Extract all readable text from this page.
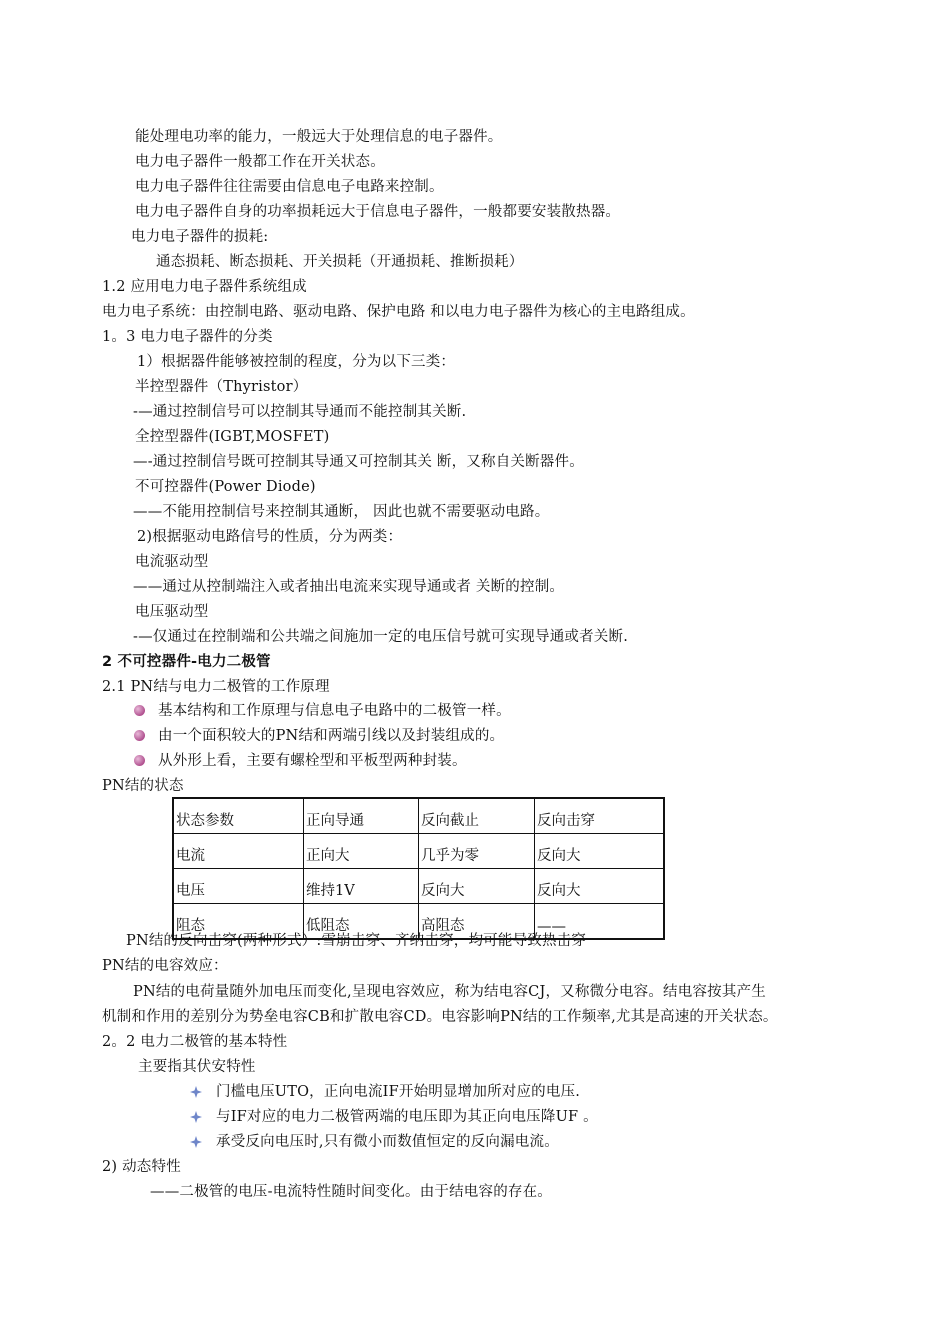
能处理电功率的能力，一般远大于处理信息的电子器件。
电力电子器件一般都工作在开关状态。
电力电子器件往往需要由信息电子电路来控制。
电力电子器件自身的功率损耗远大于信息电子器件，一般都要安装散热器。
电力电子器件的损耗:
通态损耗、断态损耗、开关损耗（开通损耗、推断损耗）
1.2 应用电力电子器件系统组成
电力电子系统：由控制电路、驱动电路、保护电路 和以电力电子器件为核心的主电路组成。
1。3 电力电子器件的分类
1）根据器件能够被控制的程度，分为以下三类：
半控型器件（Thyristor）
-—通过控制信号可以控制其导通而不能控制其关断.
全控型器件(IGBT,MOSFET)
—-通过控制信号既可控制其导通又可控制其关 断，又称自关断器件。
不可控器件(Power Diode)
——不能用控制信号来控制其通断， 因此也就不需要驱动电路。
2)根据驱动电路信号的性质，分为两类：
电流驱动型
——通过从控制端注入或者抽出电流来实现导通或者 关断的控制。
电压驱动型
-—仅通过在控制端和公共端之间施加一定的电压信号就可实现导通或者关断.
2 不可控器件-电力二极管
2.1 PN结与电力二极管的工作原理
基本结构和工作原理与信息电子电路中的二极管一样。
由一个面积较大的PN结和两端引线以及封装组成的。
从外形上看，主要有螺栓型和平板型两种封装。
PN结的状态
状态参数	正向导通	反向截止	反向击穿
电流	正向大	几乎为零	反向大
电压	维持1V	反向大	反向大
阻态	低阻态	高阻态	——
PN结的反向击穿(两种形式）:雪崩击穿、齐纳击穿，均可能导致热击穿
PN结的电容效应：
PN结的电荷量随外加电压而变化,呈现电容效应，称为结电容CJ，又称微分电容。结电容按其产生
机制和作用的差别分为势垒电容CB和扩散电容CD。电容影响PN结的工作频率,尤其是高速的开关状态。
2。2 电力二极管的基本特性
主要指其伏安特性
门槛电压UTO，正向电流IF开始明显增加所对应的电压.
与IF对应的电力二极管两端的电压即为其正向电压降UF 。
承受反向电压时,只有微小而数值恒定的反向漏电流。
2) 动态特性
——二极管的电压-电流特性随时间变化。由于结电容的存在。
